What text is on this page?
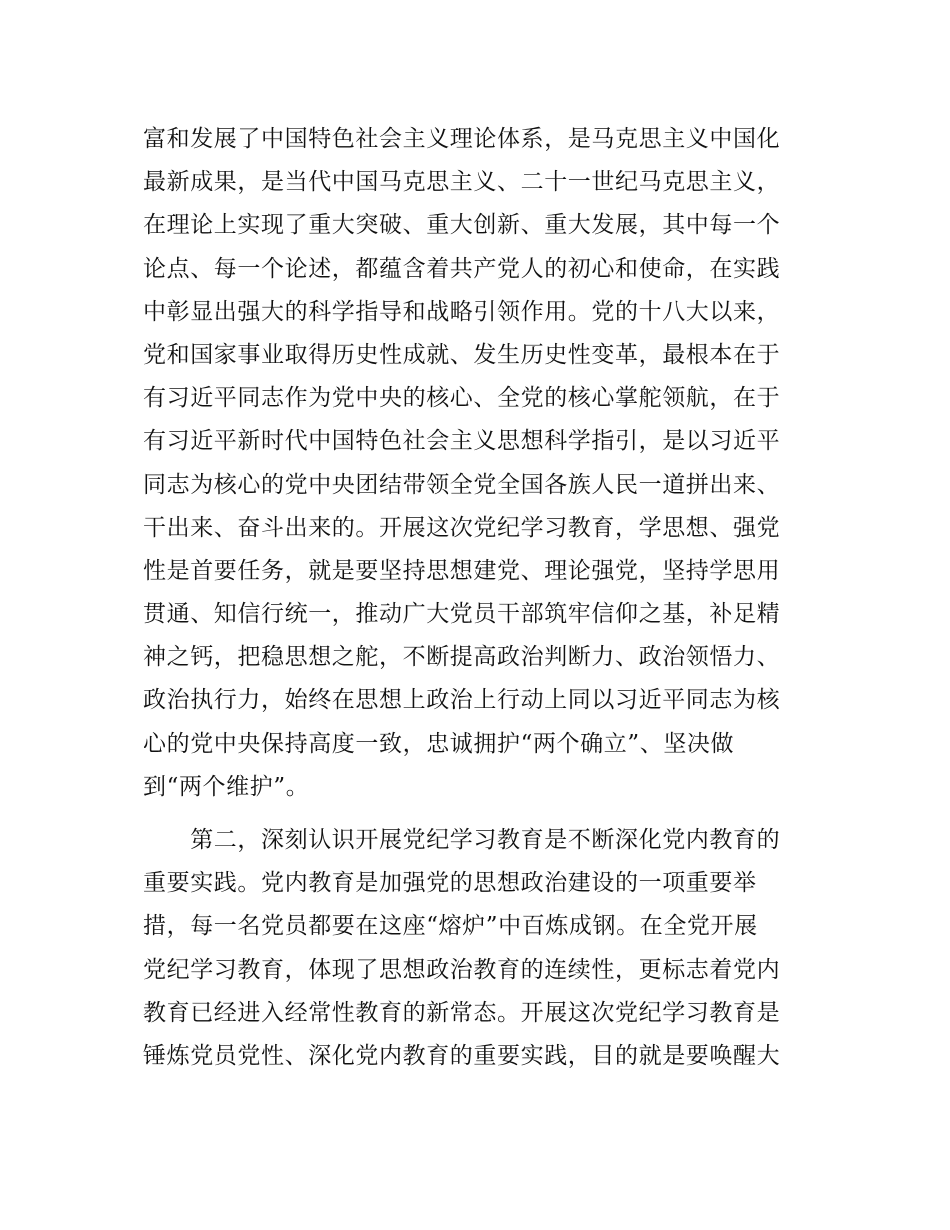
富和发展了中国特色社会主义理论体系，是马克思主义中国化
最新成果，是当代中国马克思主义、二十一世纪马克思主义，
在理论上实现了重大突破、重大创新、重大发展，其中每一个
论点、每一个论述，都蕴含着共产党人的初心和使命，在实践
中彰显出强大的科学指导和战略引领作用。党的十八大以来，
党和国家事业取得历史性成就、发生历史性变革，最根本在于
有习近平同志作为党中央的核心、全党的核心掌舵领航，在于
有习近平新时代中国特色社会主义思想科学指引，是以习近平
同志为核心的党中央团结带领全党全国各族人民一道拼出来、
干出来、奋斗出来的。开展这次党纪学习教育，学思想、强党
性是首要任务，就是要坚持思想建党、理论强党，坚持学思用
贯通、知信行统一，推动广大党员干部筑牢信仰之基，补足精
神之钙，把稳思想之舵，不断提高政治判断力、政治领悟力、
政治执行力，始终在思想上政治上行动上同以习近平同志为核
心的党中央保持高度一致，忠诚拥护“两个确立”、坚决做
到“两个维护”。
　　第二，深刻认识开展党纪学习教育是不断深化党内教育的
重要实践。党内教育是加强党的思想政治建设的一项重要举
措，每一名党员都要在这座“熔炉”中百炼成钢。在全党开展
党纪学习教育，体现了思想政治教育的连续性，更标志着党内
教育已经进入经常性教育的新常态。开展这次党纪学习教育是
锤炼党员党性、深化党内教育的重要实践，目的就是要唤醒大
